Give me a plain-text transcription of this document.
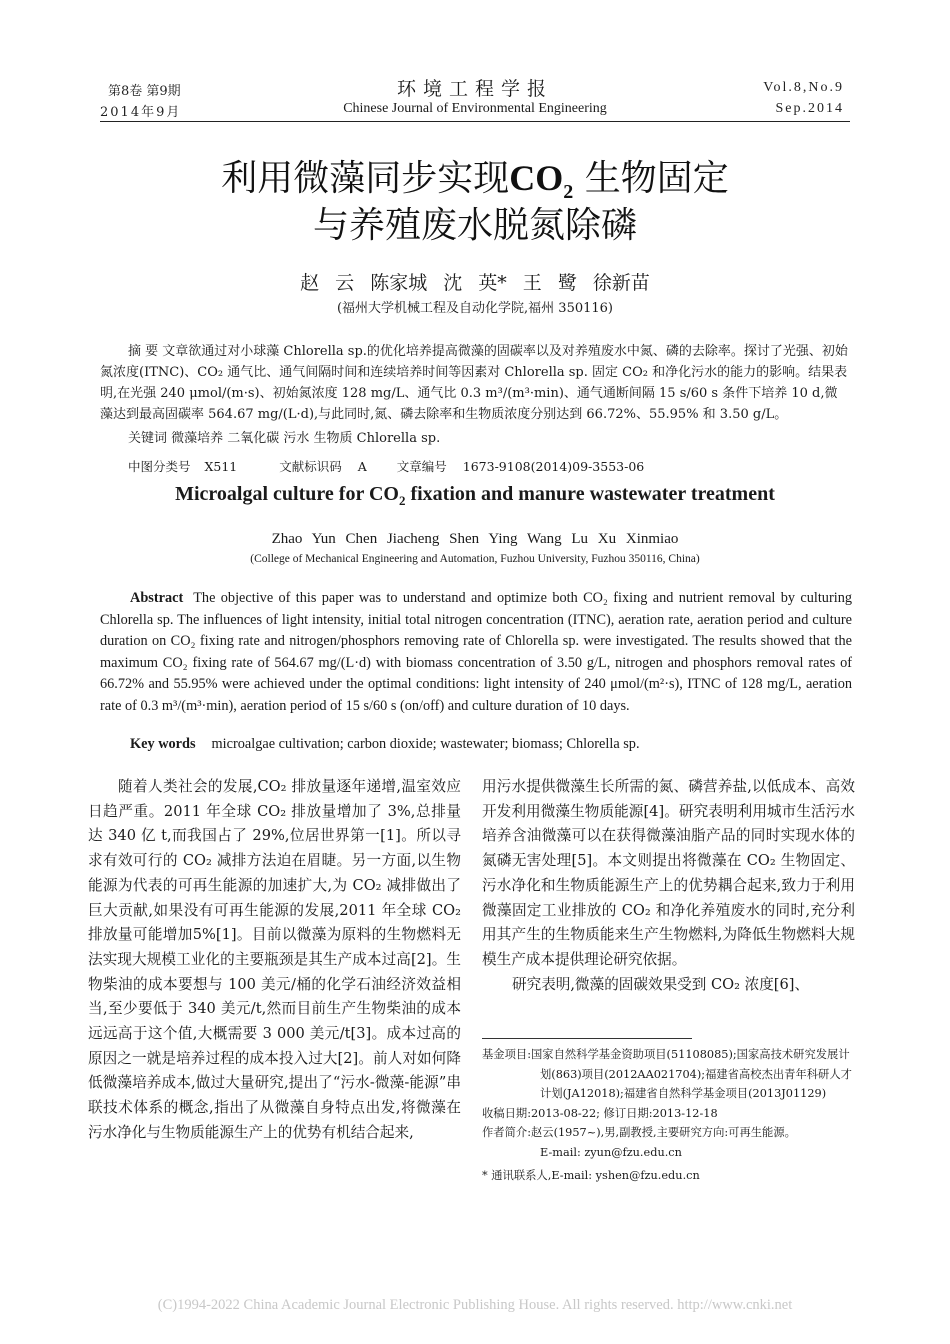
第8卷 第9期
2014年9月
环境工程学报
Chinese Journal of Environmental Engineering
Vol.8,No.9
Sep.2014
利用微藻同步实现$CO_2$ 生物固定
与养殖废水脱氮除磷
赵 云 陈家城 沈 英* 王 鹭 徐新苗
(福州大学机械工程及自动化学院,福州 350116)
摘 要 文章欲通过对小球藻 Chlorella sp.的优化培养提高微藻的固碳率以及对养殖废水中氮、磷的去除率。探讨了光强、初始氮浓度(ITNC)、CO₂ 通气比、通气间隔时间和连续培养时间等因素对 Chlorella sp. 固定 CO₂ 和净化污水的能力的影响。结果表明,在光强 240 μmol/(m·s)、初始氮浓度 128 mg/L、通气比 0.3 m³/(m³·min)、通气通断间隔 15 s/60 s 条件下培养 10 d,微藻达到最高固碳率 564.67 mg/(L·d),与此同时,氮、磷去除率和生物质浓度分别达到 66.72%、55.95% 和 3.50 g/L。
关键词 微藻培养 二氧化碳 污水 生物质 Chlorella sp.
中图分类号 X511	文献标识码 A 文章编号 1673-9108(2014)09-3553-06
Microalgal culture for $CO_2$ fixation and manure wastewater treatment
Zhao Yun Chen Jiacheng Shen Ying Wang Lu Xu Xinmiao
(College of Mechanical Engineering and Automation, Fuzhou University, Fuzhou 350116, China)
Abstract The objective of this paper was to understand and optimize both CO₂ fixing and nutrient removal by culturing Chlorella sp. The influences of light intensity, initial total nitrogen concentration (ITNC), aeration rate, aeration period and culture duration on CO₂ fixing rate and nitrogen/phosphors removing rate of Chlorella sp. were investigated. The results showed that the maximum CO₂ fixing rate of 564.67 mg/(L·d) with biomass concentration of 3.50 g/L, nitrogen and phosphors removal rates of 66.72% and 55.95% were achieved under the optimal conditions: light intensity of 240 μmol/(m²·s), ITNC of 128 mg/L, aeration rate of 0.3 m³/(m³·min), aeration period of 15 s/60 s (on/off) and culture duration of 10 days.
Key words microalgae cultivation; carbon dioxide; wastewater; biomass; Chlorella sp.
随着人类社会的发展,CO₂ 排放量逐年递增,温室效应日趋严重。2011 年全球 CO₂ 排放量增加了 3%,总排量达 340 亿 t,而我国占了 29%,位居世界第一[1]。所以寻求有效可行的 CO₂ 减排方法迫在眉睫。另一方面,以生物能源为代表的可再生能源的加速扩大,为 CO₂ 减排做出了巨大贡献,如果没有可再生能源的发展,2011 年全球 CO₂ 排放量可能增加5%[1]。目前以微藻为原料的生物燃料无法实现大规模工业化的主要瓶颈是其生产成本过高[2]。生物柴油的成本要想与 100 美元/桶的化学石油经济效益相当,至少要低于 340 美元/t,然而目前生产生物柴油的成本远远高于这个值,大概需要 3 000 美元/t[3]。成本过高的原因之一就是培养过程的成本投入过大[2]。前人对如何降低微藻培养成本,做过大量研究,提出了“污水-微藻-能源”串联技术体系的概念,指出了从微藻自身特点出发,将微藻在污水净化与生物质能源生产上的优势有机结合起来,
用污水提供微藻生长所需的氮、磷营养盐,以低成本、高效开发利用微藻生物质能源[4]。研究表明利用城市生活污水培养含油微藻可以在获得微藻油脂产品的同时实现水体的氮磷无害处理[5]。本文则提出将微藻在 CO₂ 生物固定、污水净化和生物质能源生产上的优势耦合起来,致力于利用微藻固定工业排放的 CO₂ 和净化养殖废水的同时,充分利用其产生的生物质能来生产生物燃料,为降低生物燃料大规模生产成本提供理论研究依据。
研究表明,微藻的固碳效果受到 CO₂ 浓度[6]、
基金项目:国家自然科学基金资助项目(51108085);国家高技术研究发展计划(863)项目(2012AA021704);福建省高校杰出青年科研人才计划(JA12018);福建省自然科学基金项目(2013J01129)
收稿日期:2013-08-22; 修订日期:2013-12-18
作者简介:赵云(1957~),男,副教授,主要研究方向:可再生能源。
E-mail: zyun@fzu.edu.cn
* 通讯联系人,E-mail: yshen@fzu.edu.cn
(C)1994-2022 China Academic Journal Electronic Publishing House. All rights reserved. http://www.cnki.net
